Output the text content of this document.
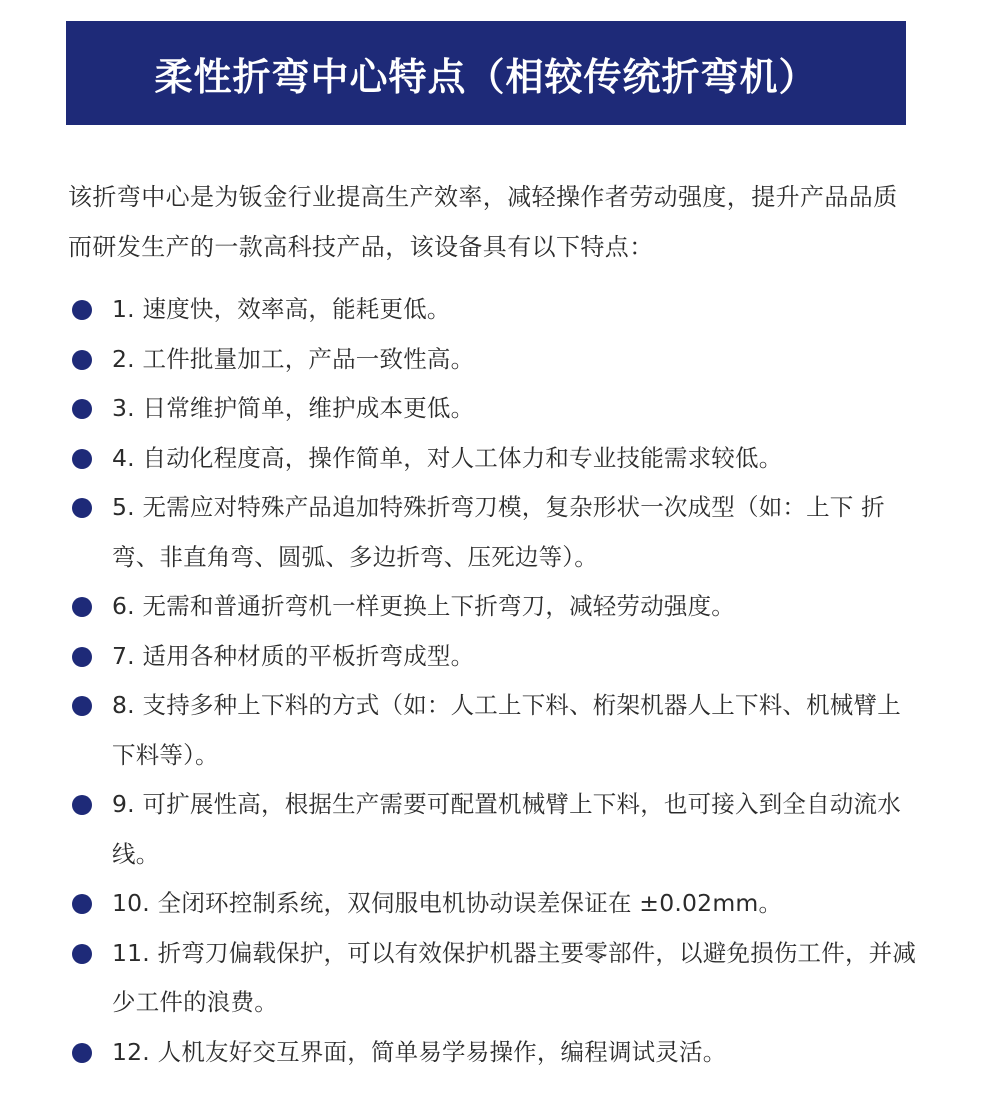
柔性折弯中心特点（相较传统折弯机）

该折弯中心是为钣金行业提高生产效率，减轻操作者劳动强度，提升产品品质而研发生产的一款高科技产品，该设备具有以下特点：

1. 速度快，效率高，能耗更低。
2. 工件批量加工，产品一致性高。
3. 日常维护简单，维护成本更低。
4. 自动化程度高，操作简单，对人工体力和专业技能需求较低。
5. 无需应对特殊产品追加特殊折弯刀模，复杂形状一次成型（如：上下 折弯、非直角弯、圆弧、多边折弯、压死边等）。
6. 无需和普通折弯机一样更换上下折弯刀，减轻劳动强度。
7. 适用各种材质的平板折弯成型。
8. 支持多种上下料的方式（如：人工上下料、桁架机器人上下料、机械臂上下料等）。
9. 可扩展性高，根据生产需要可配置机械臂上下料，也可接入到全自动流水线。
10. 全闭环控制系统，双伺服电机协动误差保证在 ±0.02mm。
11. 折弯刀偏载保护，可以有效保护机器主要零部件，以避免损伤工件，并减少工件的浪费。
12. 人机友好交互界面，简单易学易操作，编程调试灵活。
